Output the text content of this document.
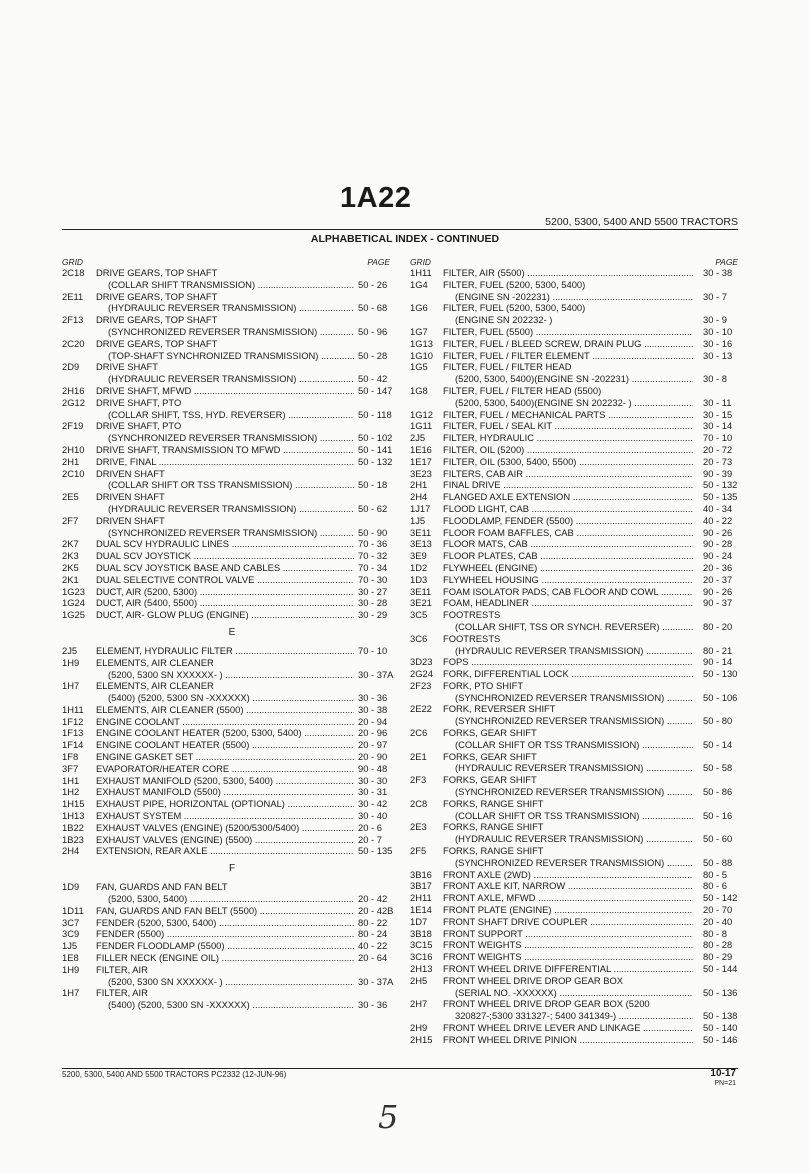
1A22
5200, 5300, 5400 AND 5500 TRACTORS
ALPHABETICAL INDEX - CONTINUED
GRID	PAGE
2C18 DRIVE GEARS, TOP SHAFT
(COLLAR SHIFT TRANSMISSION) .....	50 - 26
2E11 DRIVE GEARS, TOP SHAFT
(HYDRAULIC REVERSER TRANSMISSION) .....	50 - 68
2F13 DRIVE GEARS, TOP SHAFT
(SYNCHRONIZED REVERSER TRANSMISSION) .....	50 - 96
2C20 DRIVE GEARS, TOP SHAFT
(TOP-SHAFT SYNCHRONIZED TRANSMISSION) .....	50 - 28
2D9 DRIVE SHAFT
(HYDRAULIC REVERSER TRANSMISSION) .....	50 - 42
2H16 DRIVE SHAFT, MFWD .....	50 - 147
2G12 DRIVE SHAFT, PTO
(COLLAR SHIFT, TSS, HYD. REVERSER) .....	50 - 118
2F19 DRIVE SHAFT, PTO
(SYNCHRONIZED REVERSER TRANSMISSION) .....	50 - 102
2H10 DRIVE SHAFT, TRANSMISSION TO MFWD .....	50 - 141
2H1 DRIVE, FINAL .....	50 - 132
2C10 DRIVEN SHAFT
(COLLAR SHIFT OR TSS TRANSMISSION) .....	50 - 18
2E5 DRIVEN SHAFT
(HYDRAULIC REVERSER TRANSMISSION) .....	50 - 62
2F7 DRIVEN SHAFT
(SYNCHRONIZED REVERSER TRANSMISSION) .....	50 - 90
2K7 DUAL SCV HYDRAULIC LINES .....	70 - 36
2K3 DUAL SCV JOYSTICK .....	70 - 32
2K5 DUAL SCV JOYSTICK BASE AND CABLES .....	70 - 34
2K1 DUAL SELECTIVE CONTROL VALVE .....	70 - 30
1G23 DUCT, AIR (5200, 5300) .....	30 - 27
1G24 DUCT, AIR (5400, 5500) .....	30 - 28
1G25 DUCT, AIR- GLOW PLUG (ENGINE) .....	30 - 29
E
2J5 ELEMENT, HYDRAULIC FILTER .....	70 - 10
1H9 ELEMENTS, AIR CLEANER
(5200, 5300 SN XXXXXX- ) .....	30 - 37A
1H7 ELEMENTS, AIR CLEANER
(5400) (5200, 5300 SN -XXXXXX) .....	30 - 36
1H11 ELEMENTS, AIR CLEANER (5500) .....	30 - 38
1F12 ENGINE COOLANT .....	20 - 94
1F13 ENGINE COOLANT HEATER (5200, 5300, 5400) .....	20 - 96
1F14 ENGINE COOLANT HEATER (5500) .....	20 - 97
1F8 ENGINE GASKET SET .....	20 - 90
3F7 EVAPORATOR/HEATER CORE .....	90 - 48
1H1 EXHAUST MANIFOLD (5200, 5300, 5400) .....	30 - 30
1H2 EXHAUST MANIFOLD (5500) .....	30 - 31
1H15 EXHAUST PIPE, HORIZONTAL (OPTIONAL) .....	30 - 42
1H13 EXHAUST SYSTEM .....	30 - 40
1B22 EXHAUST VALVES (ENGINE) (5200/5300/5400) .....	20 - 6
1B23 EXHAUST VALVES (ENGINE) (5500) .....	20 - 7
2H4 EXTENSION, REAR AXLE .....	50 - 135
F
1D9 FAN, GUARDS AND FAN BELT
(5200, 5300, 5400) .....	20 - 42
1D11 FAN, GUARDS AND FAN BELT (5500) .....	20 - 42B
3C7 FENDER (5200, 5300, 5400) .....	80 - 22
3C9 FENDER (5500) .....	80 - 24
1J5 FENDER FLOODLAMP (5500) .....	40 - 22
1E8 FILLER NECK (ENGINE OIL) .....	20 - 64
1H9 FILTER, AIR
(5200, 5300 SN XXXXXX- ) .....	30 - 37A
1H7 FILTER, AIR
(5400) (5200, 5300 SN -XXXXXX) .....	30 - 36
GRID	PAGE
1H11 FILTER, AIR (5500) .....	30 - 38
1G4 FILTER, FUEL (5200, 5300, 5400)
(ENGINE SN -202231) .....	30 - 7
1G6 FILTER, FUEL (5200, 5300, 5400)
(ENGINE SN 202232- )	30 - 9
1G7 FILTER, FUEL (5500) .....	30 - 10
1G13 FILTER, FUEL / BLEED SCREW, DRAIN PLUG .....	30 - 16
1G10 FILTER, FUEL / FILTER ELEMENT .....	30 - 13
1G5 FILTER, FUEL / FILTER HEAD
(5200, 5300, 5400)(ENGINE SN -202231) .....	30 - 8
1G8 FILTER, FUEL / FILTER HEAD (5500)
(5200, 5300, 5400)(ENGINE SN 202232- ) .....	30 - 11
1G12 FILTER, FUEL / MECHANICAL PARTS .....	30 - 15
1G11 FILTER, FUEL / SEAL KIT .....	30 - 14
2J5 FILTER, HYDRAULIC .....	70 - 10
1E16 FILTER, OIL (5200) .....	20 - 72
1E17 FILTER, OIL (5300, 5400, 5500) .....	20 - 73
3E23 FILTERS, CAB AIR .....	90 - 39
2H1 FINAL DRIVE .....	50 - 132
2H4 FLANGED AXLE EXTENSION .....	50 - 135
1J17 FLOOD LIGHT, CAB .....	40 - 34
1J5 FLOODLAMP, FENDER (5500) .....	40 - 22
3E11 FLOOR FOAM BAFFLES, CAB .....	90 - 26
3E13 FLOOR MATS, CAB .....	90 - 28
3E9 FLOOR PLATES, CAB .....	90 - 24
1D2 FLYWHEEL (ENGINE) .....	20 - 36
1D3 FLYWHEEL HOUSING .....	20 - 37
3E11 FOAM ISOLATOR PADS, CAB FLOOR AND COWL .....	90 - 26
3E21 FOAM, HEADLINER .....	90 - 37
3C5 FOOTRESTS
(COLLAR SHIFT, TSS OR SYNCH. REVERSER) .....	80 - 20
3C6 FOOTRESTS
(HYDRAULIC REVERSER TRANSMISSION) .....	80 - 21
3D23 FOPS .....	90 - 14
2G24 FORK, DIFFERENTIAL LOCK .....	50 - 130
2F23 FORK, PTO SHIFT
(SYNCHRONIZED REVERSER TRANSMISSION) .....	50 - 106
2E22 FORK, REVERSER SHIFT
(SYNCHRONIZED REVERSER TRANSMISSION) .....	50 - 80
2C6 FORKS, GEAR SHIFT
(COLLAR SHIFT OR TSS TRANSMISSION) .....	50 - 14
2E1 FORKS, GEAR SHIFT
(HYDRAULIC REVERSER TRANSMISSION) .....	50 - 58
2F3 FORKS, GEAR SHIFT
(SYNCHRONIZED REVERSER TRANSMISSION) .....	50 - 86
2C8 FORKS, RANGE SHIFT
(COLLAR SHIFT OR TSS TRANSMISSION) .....	50 - 16
2E3 FORKS, RANGE SHIFT
(HYDRAULIC REVERSER TRANSMISSION) .....	50 - 60
2F5 FORKS, RANGE SHIFT
(SYNCHRONIZED REVERSER TRANSMISSION) .....	50 - 88
3B16 FRONT AXLE (2WD) .....	80 - 5
3B17 FRONT AXLE KIT, NARROW .....	80 - 6
2H11 FRONT AXLE, MFWD .....	50 - 142
1E14 FRONT PLATE (ENGINE) .....	20 - 70
1D7 FRONT SHAFT DRIVE COUPLER .....	20 - 40
3B18 FRONT SUPPORT .....	80 - 8
3C15 FRONT WEIGHTS .....	80 - 28
3C16 FRONT WEIGHTS .....	80 - 29
2H13 FRONT WHEEL DRIVE DIFFERENTIAL .....	50 - 144
2H5 FRONT WHEEL DRIVE DROP GEAR BOX
(SERIAL NO. -XXXXXX) .....	50 - 136
2H7 FRONT WHEEL DRIVE DROP GEAR BOX (5200
320827-;5300 331327-; 5400 341349-) .....	50 - 138
2H9 FRONT WHEEL DRIVE LEVER AND LINKAGE .....	50 - 140
2H15 FRONT WHEEL DRIVE PINION .....	50 - 146
5200, 5300, 5400 AND 5500 TRACTORS PC2332 (12-JUN-96)	10-17
PN=21
5
